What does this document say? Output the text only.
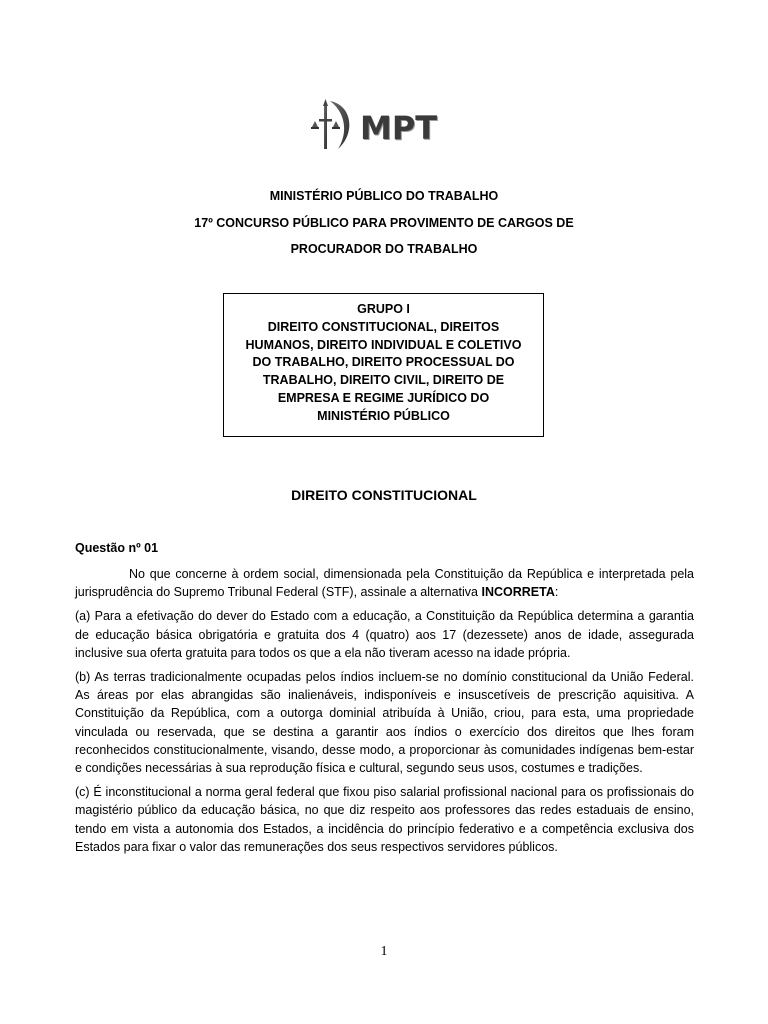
MPT
MINISTÉRIO PÚBLICO DO TRABALHO
17º CONCURSO PÚBLICO PARA PROVIMENTO DE CARGOS DE
PROCURADOR DO TRABALHO
GRUPO I
DIREITO CONSTITUCIONAL, DIREITOS
HUMANOS, DIREITO INDIVIDUAL E COLETIVO
DO TRABALHO, DIREITO PROCESSUAL DO
TRABALHO, DIREITO CIVIL, DIREITO DE
EMPRESA E REGIME JURÍDICO DO
MINISTÉRIO PÚBLICO
DIREITO CONSTITUCIONAL
Questão nº 01

No que concerne à ordem social, dimensionada pela Constituição da República e interpretada pela jurisprudência do Supremo Tribunal Federal (STF), assinale a alternativa INCORRETA:

(a) Para a efetivação do dever do Estado com a educação, a Constituição da República determina a garantia de educação básica obrigatória e gratuita dos 4 (quatro) aos 17 (dezessete) anos de idade, assegurada inclusive sua oferta gratuita para todos os que a ela não tiveram acesso na idade própria.

(b) As terras tradicionalmente ocupadas pelos índios incluem-se no domínio constitucional da União Federal. As áreas por elas abrangidas são inalienáveis, indisponíveis e insuscetíveis de prescrição aquisitiva. A Constituição da República, com a outorga dominial atribuída à União, criou, para esta, uma propriedade vinculada ou reservada, que se destina a garantir aos índios o exercício dos direitos que lhes foram reconhecidos constitucionalmente, visando, desse modo, a proporcionar às comunidades indígenas bem-estar e condições necessárias à sua reprodução física e cultural, segundo seus usos, costumes e tradições.

(c) É inconstitucional a norma geral federal que fixou piso salarial profissional nacional para os profissionais do magistério público da educação básica, no que diz respeito aos professores das redes estaduais de ensino, tendo em vista a autonomia dos Estados, a incidência do princípio federativo e a competência exclusiva dos Estados para fixar o valor das remunerações dos seus respectivos servidores públicos.

1
